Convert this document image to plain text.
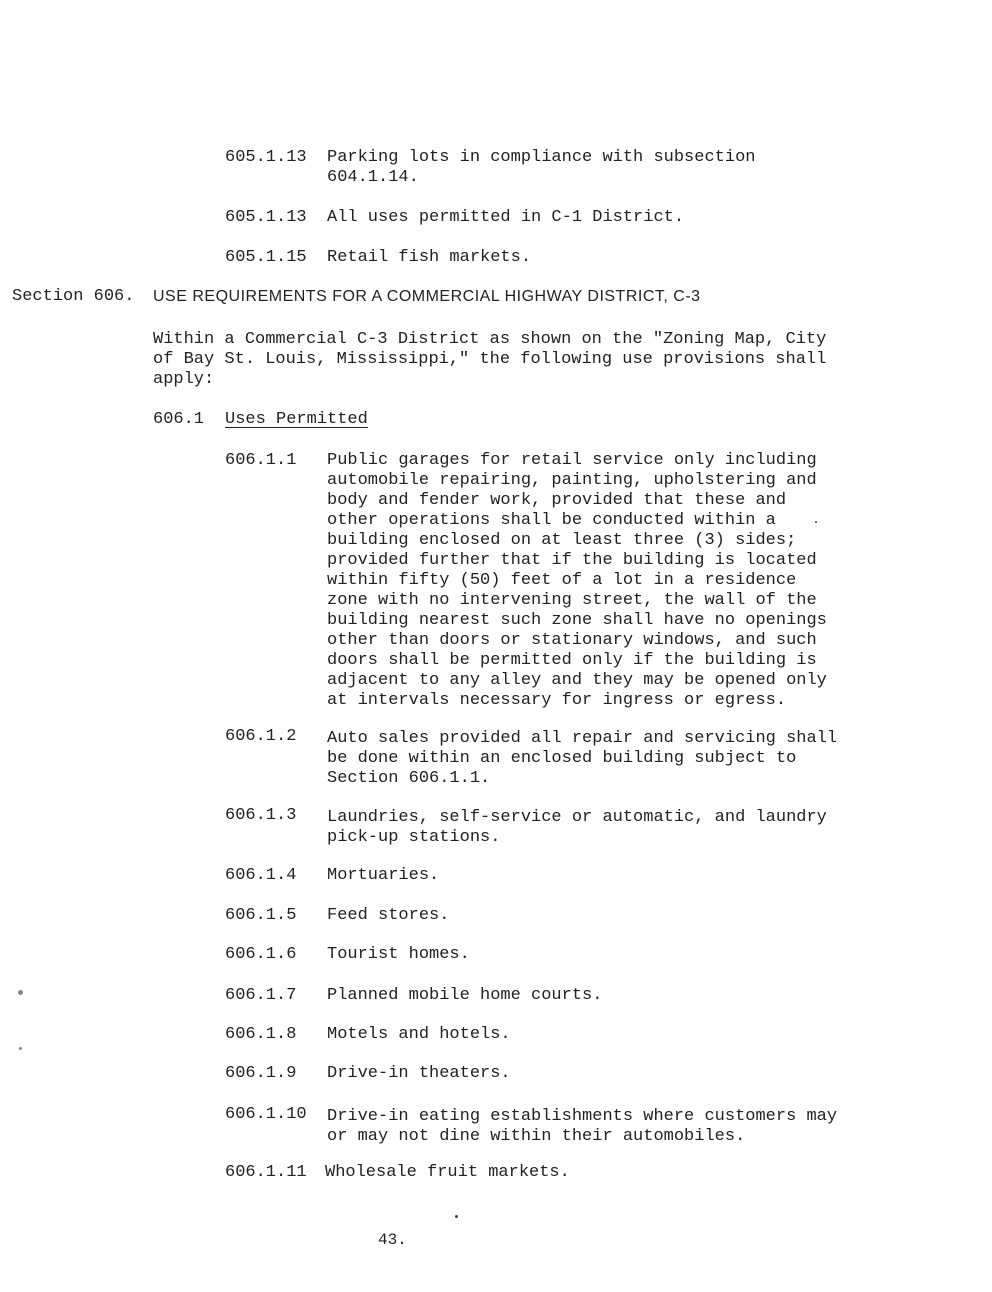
605.1.13 Parking lots in compliance with subsection
604.1.14.
605.1.13 All uses permitted in C-1 District.
605.1.15 Retail fish markets.
Section 606. USE REQUIREMENTS FOR A COMMERCIAL HIGHWAY DISTRICT, C-3
Within a Commercial C-3 District as shown on the "Zoning Map, City
of Bay St. Louis, Mississippi," the following use provisions shall
apply:
606.1 Uses Permitted
606.1.1 Public garages for retail service only including
automobile repairing, painting, upholstering and
body and fender work, provided that these and
other operations shall be conducted within a
building enclosed on at least three (3) sides;
provided further that if the building is located
within fifty (50) feet of a lot in a residence
zone with no intervening street, the wall of the
building nearest such zone shall have no openings
other than doors or stationary windows, and such
doors shall be permitted only if the building is
adjacent to any alley and they may be opened only
at intervals necessary for ingress or egress.
606.1.2 Auto sales provided all repair and servicing shall
be done within an enclosed building subject to
Section 606.1.1.
606.1.3 Laundries, self-service or automatic, and laundry
pick-up stations.
606.1.4 Mortuaries.
606.1.5 Feed stores.
606.1.6 Tourist homes.
606.1.7 Planned mobile home courts.
606.1.8 Motels and hotels.
606.1.9 Drive-in theaters.
606.1.10 Drive-in eating establishments where customers may
or may not dine within their automobiles.
606.1.11 Wholesale fruit markets.
43.
